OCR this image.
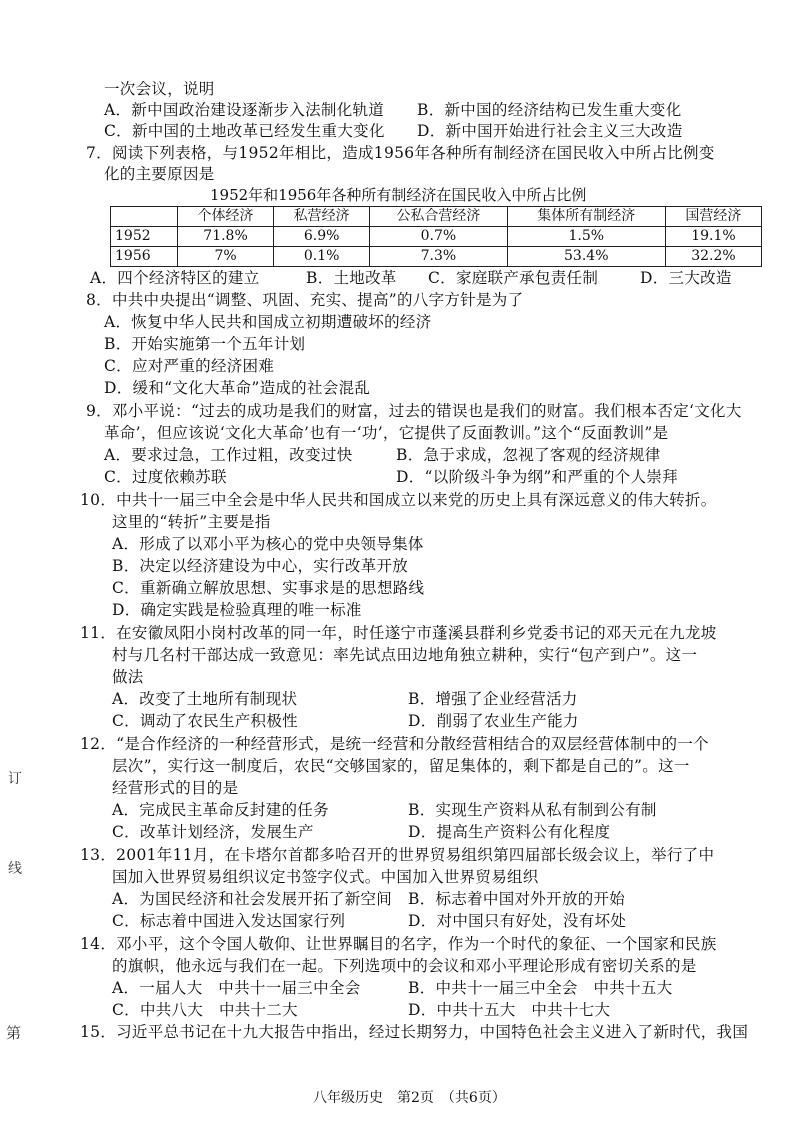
一次会议，说明
A．新中国政治建设逐渐步入法制化轨道 B．新中国的经济结构已发生重大变化
C．新中国的土地改革已经发生重大变化 D．新中国开始进行社会主义三大改造
7．阅读下列表格，与1952年相比，造成1956年各种所有制经济在国民收入中所占比例变
化的主要原因是
1952年和1956年各种所有制经济在国民收入中所占比例
	个体经济	私营经济	公私合营经济	集体所有制经济	国营经济
1952	71.8%	6.9%	0.7%	1.5%	19.1%
1956	7%	0.1%	7.3%	53.4%	32.2%
A．四个经济特区的建立	B．土地改革 C．家庭联产承包责任制	D．三大改造
8．中共中央提出“调整、巩固、充实、提高”的八字方针是为了
A．恢复中华人民共和国成立初期遭破坏的经济
B．开始实施第一个五年计划
C．应对严重的经济困难
D．缓和“文化大革命”造成的社会混乱
9．邓小平说：“过去的成功是我们的财富，过去的错误也是我们的财富。我们根本否定‘文化大
革命’，但应该说‘文化大革命’也有一‘功’，它提供了反面教训。”这个“反面教训”是
A．要求过急，工作过粗，改变过快	B．急于求成，忽视了客观的经济规律
C．过度依赖苏联	D．“以阶级斗争为纲”和严重的个人崇拜
10．中共十一届三中全会是中华人民共和国成立以来党的历史上具有深远意义的伟大转折。
这里的“转折”主要是指
A．形成了以邓小平为核心的党中央领导集体
B．决定以经济建设为中心，实行改革开放
C．重新确立解放思想、实事求是的思想路线
D．确定实践是检验真理的唯一标准
11．在安徽凤阳小岗村改革的同一年，时任遂宁市蓬溪县群利乡党委书记的邓天元在九龙坡
村与几名村干部达成一致意见：率先试点田边地角独立耕种，实行“包产到户”。这一
做法
A．改变了土地所有制现状	B．增强了企业经营活力
C．调动了农民生产积极性	D．削弱了农业生产能力
12．“是合作经济的一种经营形式，是统一经营和分散经营相结合的双层经营体制中的一个
层次”，实行这一制度后，农民“交够国家的，留足集体的，剩下都是自己的”。这一
经营形式的目的是
A．完成民主革命反封建的任务	B．实现生产资料从私有制到公有制
C．改革计划经济，发展生产	D．提高生产资料公有化程度
13．2001年11月，在卡塔尔首都多哈召开的世界贸易组织第四届部长级会议上，举行了中
国加入世界贸易组织议定书签字仪式。中国加入世界贸易组织
A．为国民经济和社会发展开拓了新空间 B．标志着中国对外开放的开始
C．标志着中国进入发达国家行列	D．对中国只有好处，没有坏处
14．邓小平，这个令国人敬仰、让世界瞩目的名字，作为一个时代的象征、一个国家和民族
的旗帜，他永远与我们在一起。下列选项中的会议和邓小平理论形成有密切关系的是
A．一届人大　中共十一届三中全会	B．中共十一届三中全会　中共十五大
C．中共八大　中共十二大	D．中共十五大　中共十七大
15．习近平总书记在十九大报告中指出，经过长期努力，中国特色社会主义进入了新时代，我国
订
线
第
八年级历史　第2页　（共6页）
